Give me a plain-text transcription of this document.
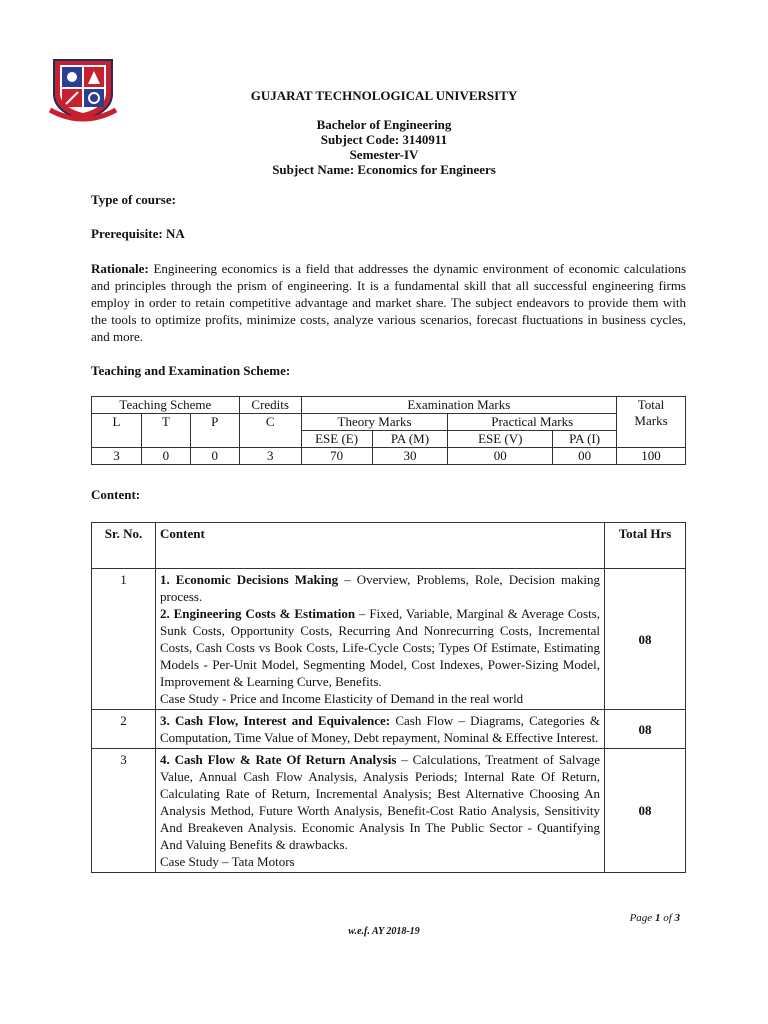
GUJARAT TECHNOLOGICAL UNIVERSITY
Bachelor of Engineering
Subject Code: 3140911
Semester-IV
Subject Name: Economics for Engineers
Type of course:
Prerequisite: NA
Rationale: Engineering economics is a field that addresses the dynamic environment of economic calculations and principles through the prism of engineering. It is a fundamental skill that all successful engineering firms employ in order to retain competitive advantage and market share. The subject endeavors to provide them with the tools to optimize profits, minimize costs, analyze various scenarios, forecast fluctuations in business cycles, and more.
Teaching and Examination Scheme:
Teaching Scheme			Credits	Examination Marks				Total
Marks

L	T	P	C	Theory Marks		Practical Marks		
				ESE (E)	PA (M)	ESE (V)	PA (I)	
3	0	0	3	70	30	00	00	100
Content:
Sr. No.	Content	Total Hrs
1	1. Economic Decisions Making – Overview, Problems, Role, Decision making process.
2. Engineering Costs & Estimation – Fixed, Variable, Marginal & Average Costs, Sunk Costs, Opportunity Costs, Recurring And Nonrecurring Costs, Incremental Costs, Cash Costs vs Book Costs, Life-Cycle Costs; Types Of Estimate, Estimating Models - Per-Unit Model, Segmenting Model, Cost Indexes, Power-Sizing Model, Improvement & Learning Curve, Benefits.
Case Study - Price and Income Elasticity of Demand in the real world	08
2	3. Cash Flow, Interest and Equivalence: Cash Flow – Diagrams, Categories & Computation, Time Value of Money, Debt repayment, Nominal & Effective Interest.	08
3	4. Cash Flow & Rate Of Return Analysis – Calculations, Treatment of Salvage Value, Annual Cash Flow Analysis, Analysis Periods; Internal Rate Of Return, Calculating Rate of Return, Incremental Analysis; Best Alternative Choosing An Analysis Method, Future Worth Analysis, Benefit-Cost Ratio Analysis, Sensitivity And Breakeven Analysis. Economic Analysis In The Public Sector - Quantifying And Valuing Benefits & drawbacks.
Case Study – Tata Motors	08
Page 1 of 3
w.e.f. AY 2018-19
